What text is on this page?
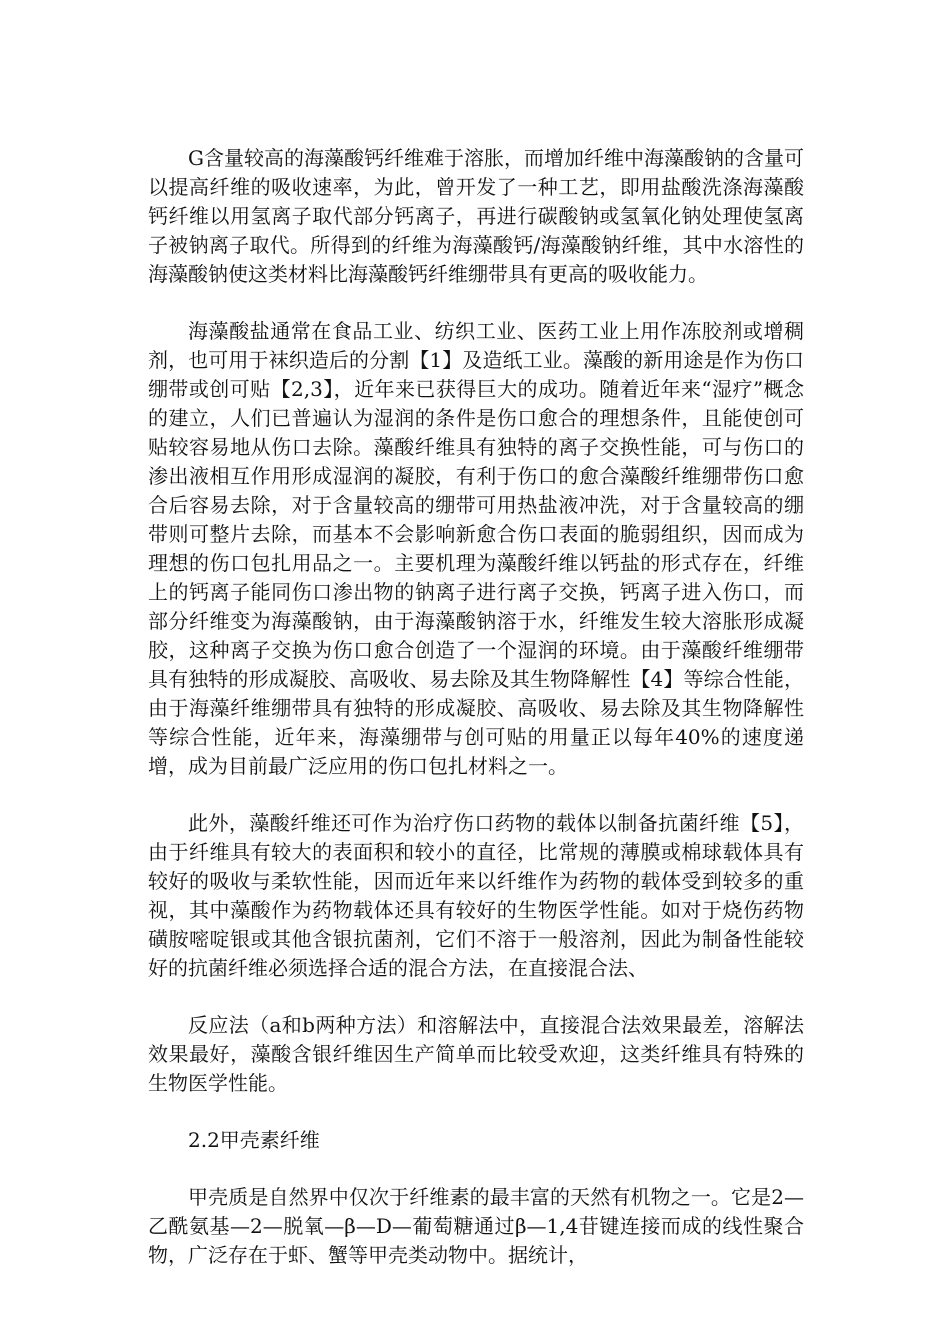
G含量较高的海藻酸钙纤维难于溶胀，而增加纤维中海藻酸钠的含量可以提高纤维的吸收速率，为此，曾开发了一种工艺，即用盐酸洗涤海藻酸钙纤维以用氢离子取代部分钙离子，再进行碳酸钠或氢氧化钠处理使氢离子被钠离子取代。所得到的纤维为海藻酸钙/海藻酸钠纤维，其中水溶性的海藻酸钠使这类材料比海藻酸钙纤维绷带具有更高的吸收能力。

海藻酸盐通常在食品工业、纺织工业、医药工业上用作冻胶剂或增稠剂，也可用于袜织造后的分割【1】及造纸工业。藻酸的新用途是作为伤口绷带或创可贴【2,3】，近年来已获得巨大的成功。随着近年来“湿疗”概念的建立，人们已普遍认为湿润的条件是伤口愈合的理想条件，且能使创可贴较容易地从伤口去除。藻酸纤维具有独特的离子交换性能，可与伤口的渗出液相互作用形成湿润的凝胶，有利于伤口的愈合藻酸纤维绷带伤口愈合后容易去除，对于含量较高的绷带可用热盐液冲洗，对于含量较高的绷带则可整片去除，而基本不会影响新愈合伤口表面的脆弱组织，因而成为理想的伤口包扎用品之一。主要机理为藻酸纤维以钙盐的形式存在，纤维上的钙离子能同伤口渗出物的钠离子进行离子交换，钙离子进入伤口，而部分纤维变为海藻酸钠，由于海藻酸钠溶于水，纤维发生较大溶胀形成凝胶，这种离子交换为伤口愈合创造了一个湿润的环境。由于藻酸纤维绷带具有独特的形成凝胶、高吸收、易去除及其生物降解性【4】等综合性能，由于海藻纤维绷带具有独特的形成凝胶、高吸收、易去除及其生物降解性等综合性能，近年来，海藻绷带与创可贴的用量正以每年40%的速度递增，成为目前最广泛应用的伤口包扎材料之一。

此外，藻酸纤维还可作为治疗伤口药物的载体以制备抗菌纤维【5】，由于纤维具有较大的表面积和较小的直径，比常规的薄膜或棉球载体具有较好的吸收与柔软性能，因而近年来以纤维作为药物的载体受到较多的重视，其中藻酸作为药物载体还具有较好的生物医学性能。如对于烧伤药物磺胺嘧啶银或其他含银抗菌剂，它们不溶于一般溶剂，因此为制备性能较好的抗菌纤维必须选择合适的混合方法，在直接混合法、

反应法（a和b两种方法）和溶解法中，直接混合法效果最差，溶解法效果最好，藻酸含银纤维因生产简单而比较受欢迎，这类纤维具有特殊的生物医学性能。

2.2甲壳素纤维

甲壳质是自然界中仅次于纤维素的最丰富的天然有机物之一。它是2—乙酰氨基—2—脱氧—β—D—葡萄糖通过β—1,4苷键连接而成的线性聚合物，广泛存在于虾、蟹等甲壳类动物中。据统计，
